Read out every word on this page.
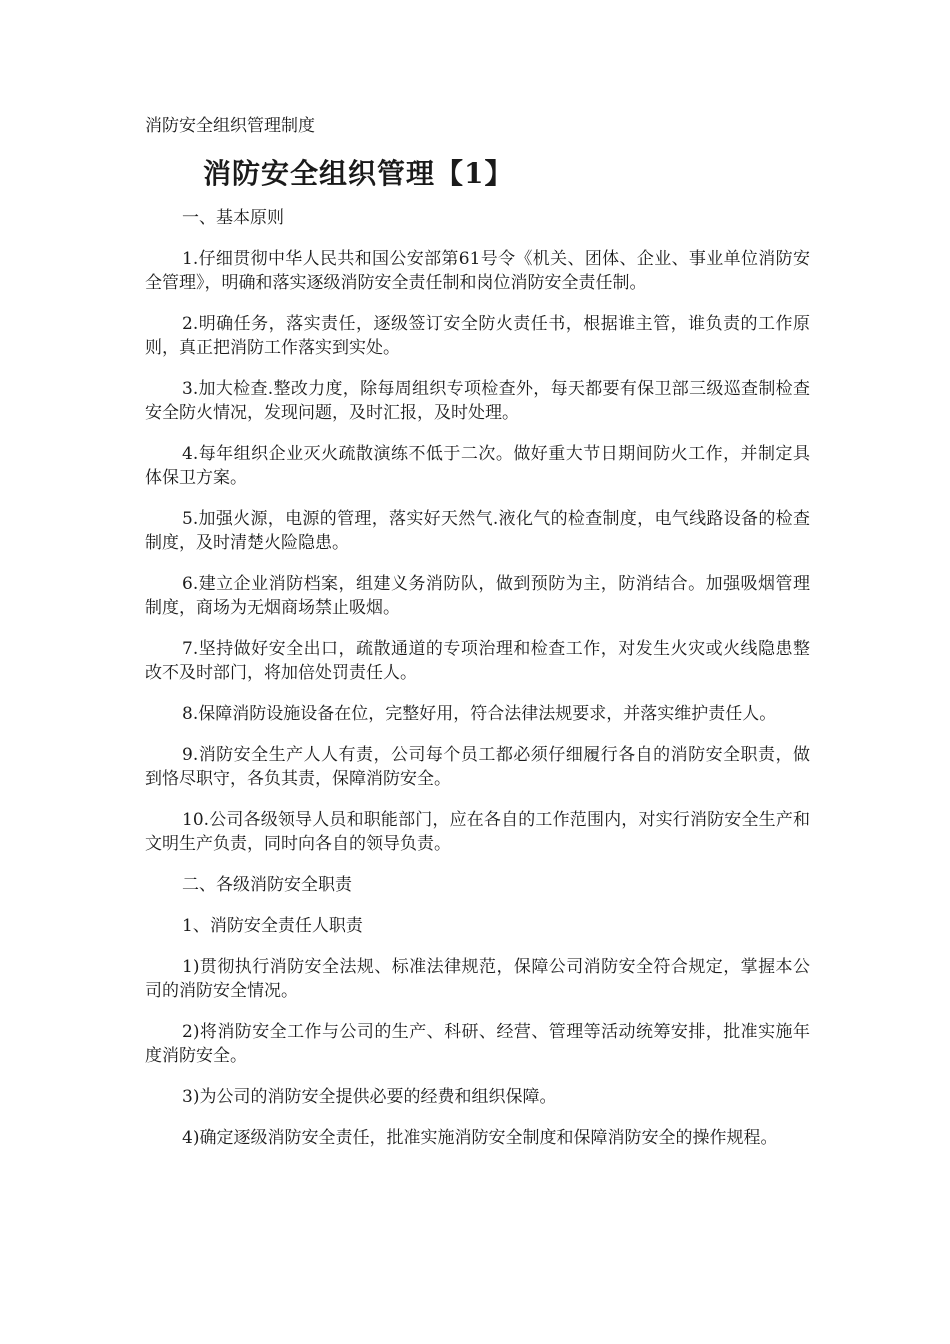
消防安全组织管理制度
消防安全组织管理【1】

一、基本原则

1.仔细贯彻中华人民共和国公安部第61号令《机关、团体、企业、事业单位消防安全管理》，明确和落实逐级消防安全责任制和岗位消防安全责任制。

2.明确任务，落实责任，逐级签订安全防火责任书，根据谁主管，谁负责的工作原则，真正把消防工作落实到实处。

3.加大检查.整改力度，除每周组织专项检查外，每天都要有保卫部三级巡查制检查安全防火情况，发现问题，及时汇报，及时处理。

4.每年组织企业灭火疏散演练不低于二次。做好重大节日期间防火工作，并制定具体保卫方案。

5.加强火源，电源的管理，落实好天然气.液化气的检查制度，电气线路设备的检查制度，及时清楚火险隐患。

6.建立企业消防档案，组建义务消防队，做到预防为主，防消结合。加强吸烟管理制度，商场为无烟商场禁止吸烟。

7.坚持做好安全出口，疏散通道的专项治理和检查工作，对发生火灾或火线隐患整改不及时部门，将加倍处罚责任人。

8.保障消防设施设备在位，完整好用，符合法律法规要求，并落实维护责任人。

9.消防安全生产人人有责，公司每个员工都必须仔细履行各自的消防安全职责，做到恪尽职守，各负其责，保障消防安全。

10.公司各级领导人员和职能部门，应在各自的工作范围内，对实行消防安全生产和文明生产负责，同时向各自的领导负责。

二、各级消防安全职责

1、消防安全责任人职责

1)贯彻执行消防安全法规、标准法律规范，保障公司消防安全符合规定，掌握本公司的消防安全情况。

2)将消防安全工作与公司的生产、科研、经营、管理等活动统筹安排，批准实施年度消防安全。

3)为公司的消防安全提供必要的经费和组织保障。

4)确定逐级消防安全责任，批准实施消防安全制度和保障消防安全的操作规程。
